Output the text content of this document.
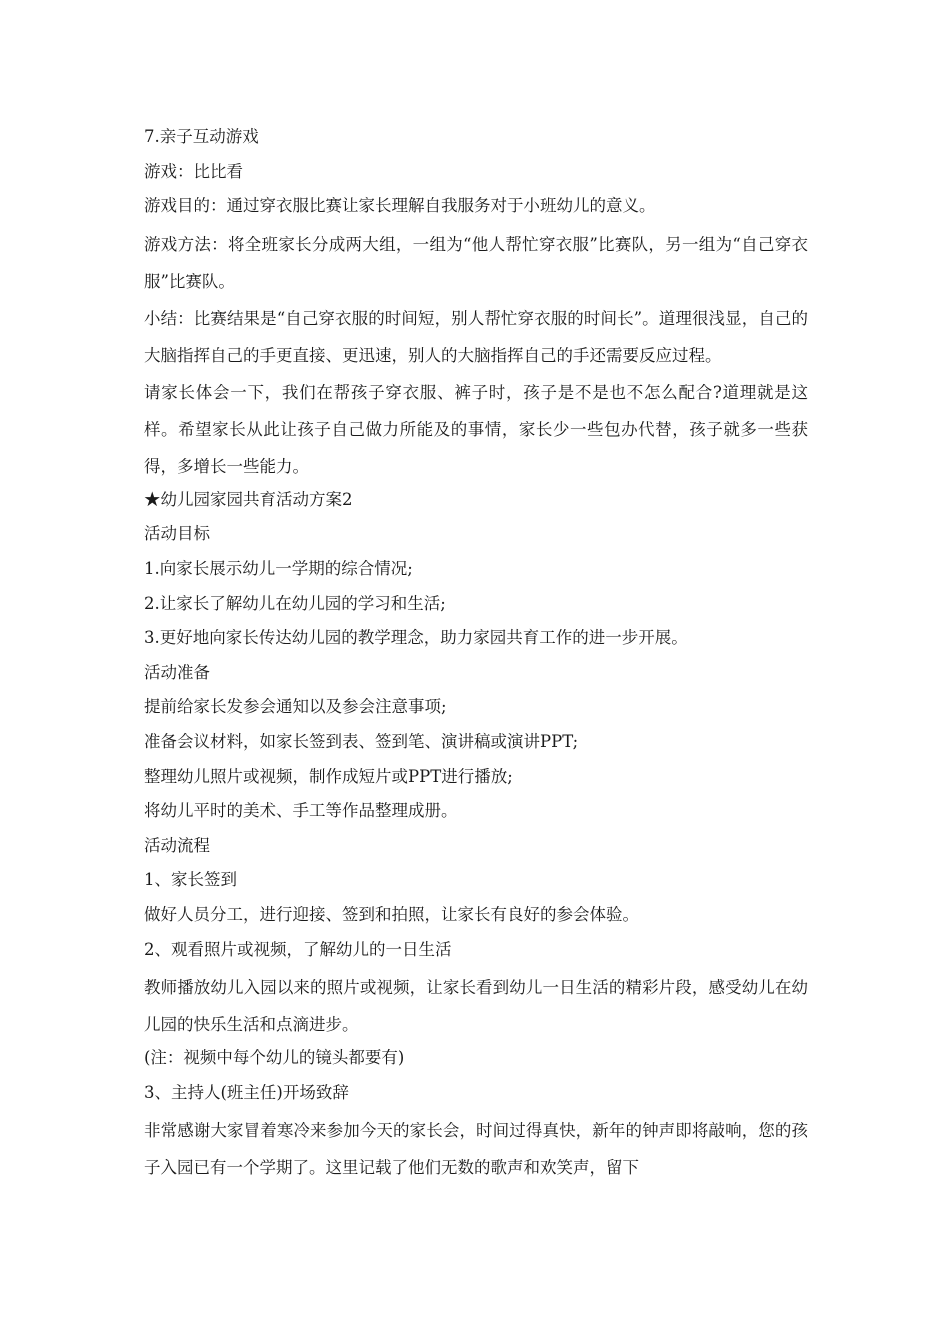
7.亲子互动游戏

游戏：比比看

游戏目的：通过穿衣服比赛让家长理解自我服务对于小班幼儿的意义。

游戏方法：将全班家长分成两大组，一组为“他人帮忙穿衣服”比赛队，另一组为“自己穿衣服”比赛队。

小结：比赛结果是“自己穿衣服的时间短，别人帮忙穿衣服的时间长”。道理很浅显，自己的大脑指挥自己的手更直接、更迅速，别人的大脑指挥自己的手还需要反应过程。

请家长体会一下，我们在帮孩子穿衣服、裤子时，孩子是不是也不怎么配合?道理就是这样。希望家长从此让孩子自己做力所能及的事情，家长少一些包办代替，孩子就多一些获得，多增长一些能力。

★幼儿园家园共育活动方案2

活动目标

1.向家长展示幼儿一学期的综合情况;

2.让家长了解幼儿在幼儿园的学习和生活;

3.更好地向家长传达幼儿园的教学理念，助力家园共育工作的进一步开展。

活动准备

提前给家长发参会通知以及参会注意事项;

准备会议材料，如家长签到表、签到笔、演讲稿或演讲PPT;

整理幼儿照片或视频，制作成短片或PPT进行播放;

将幼儿平时的美术、手工等作品整理成册。

活动流程

1、家长签到

做好人员分工，进行迎接、签到和拍照，让家长有良好的参会体验。

2、观看照片或视频，了解幼儿的一日生活

教师播放幼儿入园以来的照片或视频，让家长看到幼儿一日生活的精彩片段，感受幼儿在幼儿园的快乐生活和点滴进步。

(注：视频中每个幼儿的镜头都要有)

3、主持人(班主任)开场致辞

非常感谢大家冒着寒冷来参加今天的家长会，时间过得真快，新年的钟声即将敲响，您的孩子入园已有一个学期了。这里记载了他们无数的歌声和欢笑声，留下
